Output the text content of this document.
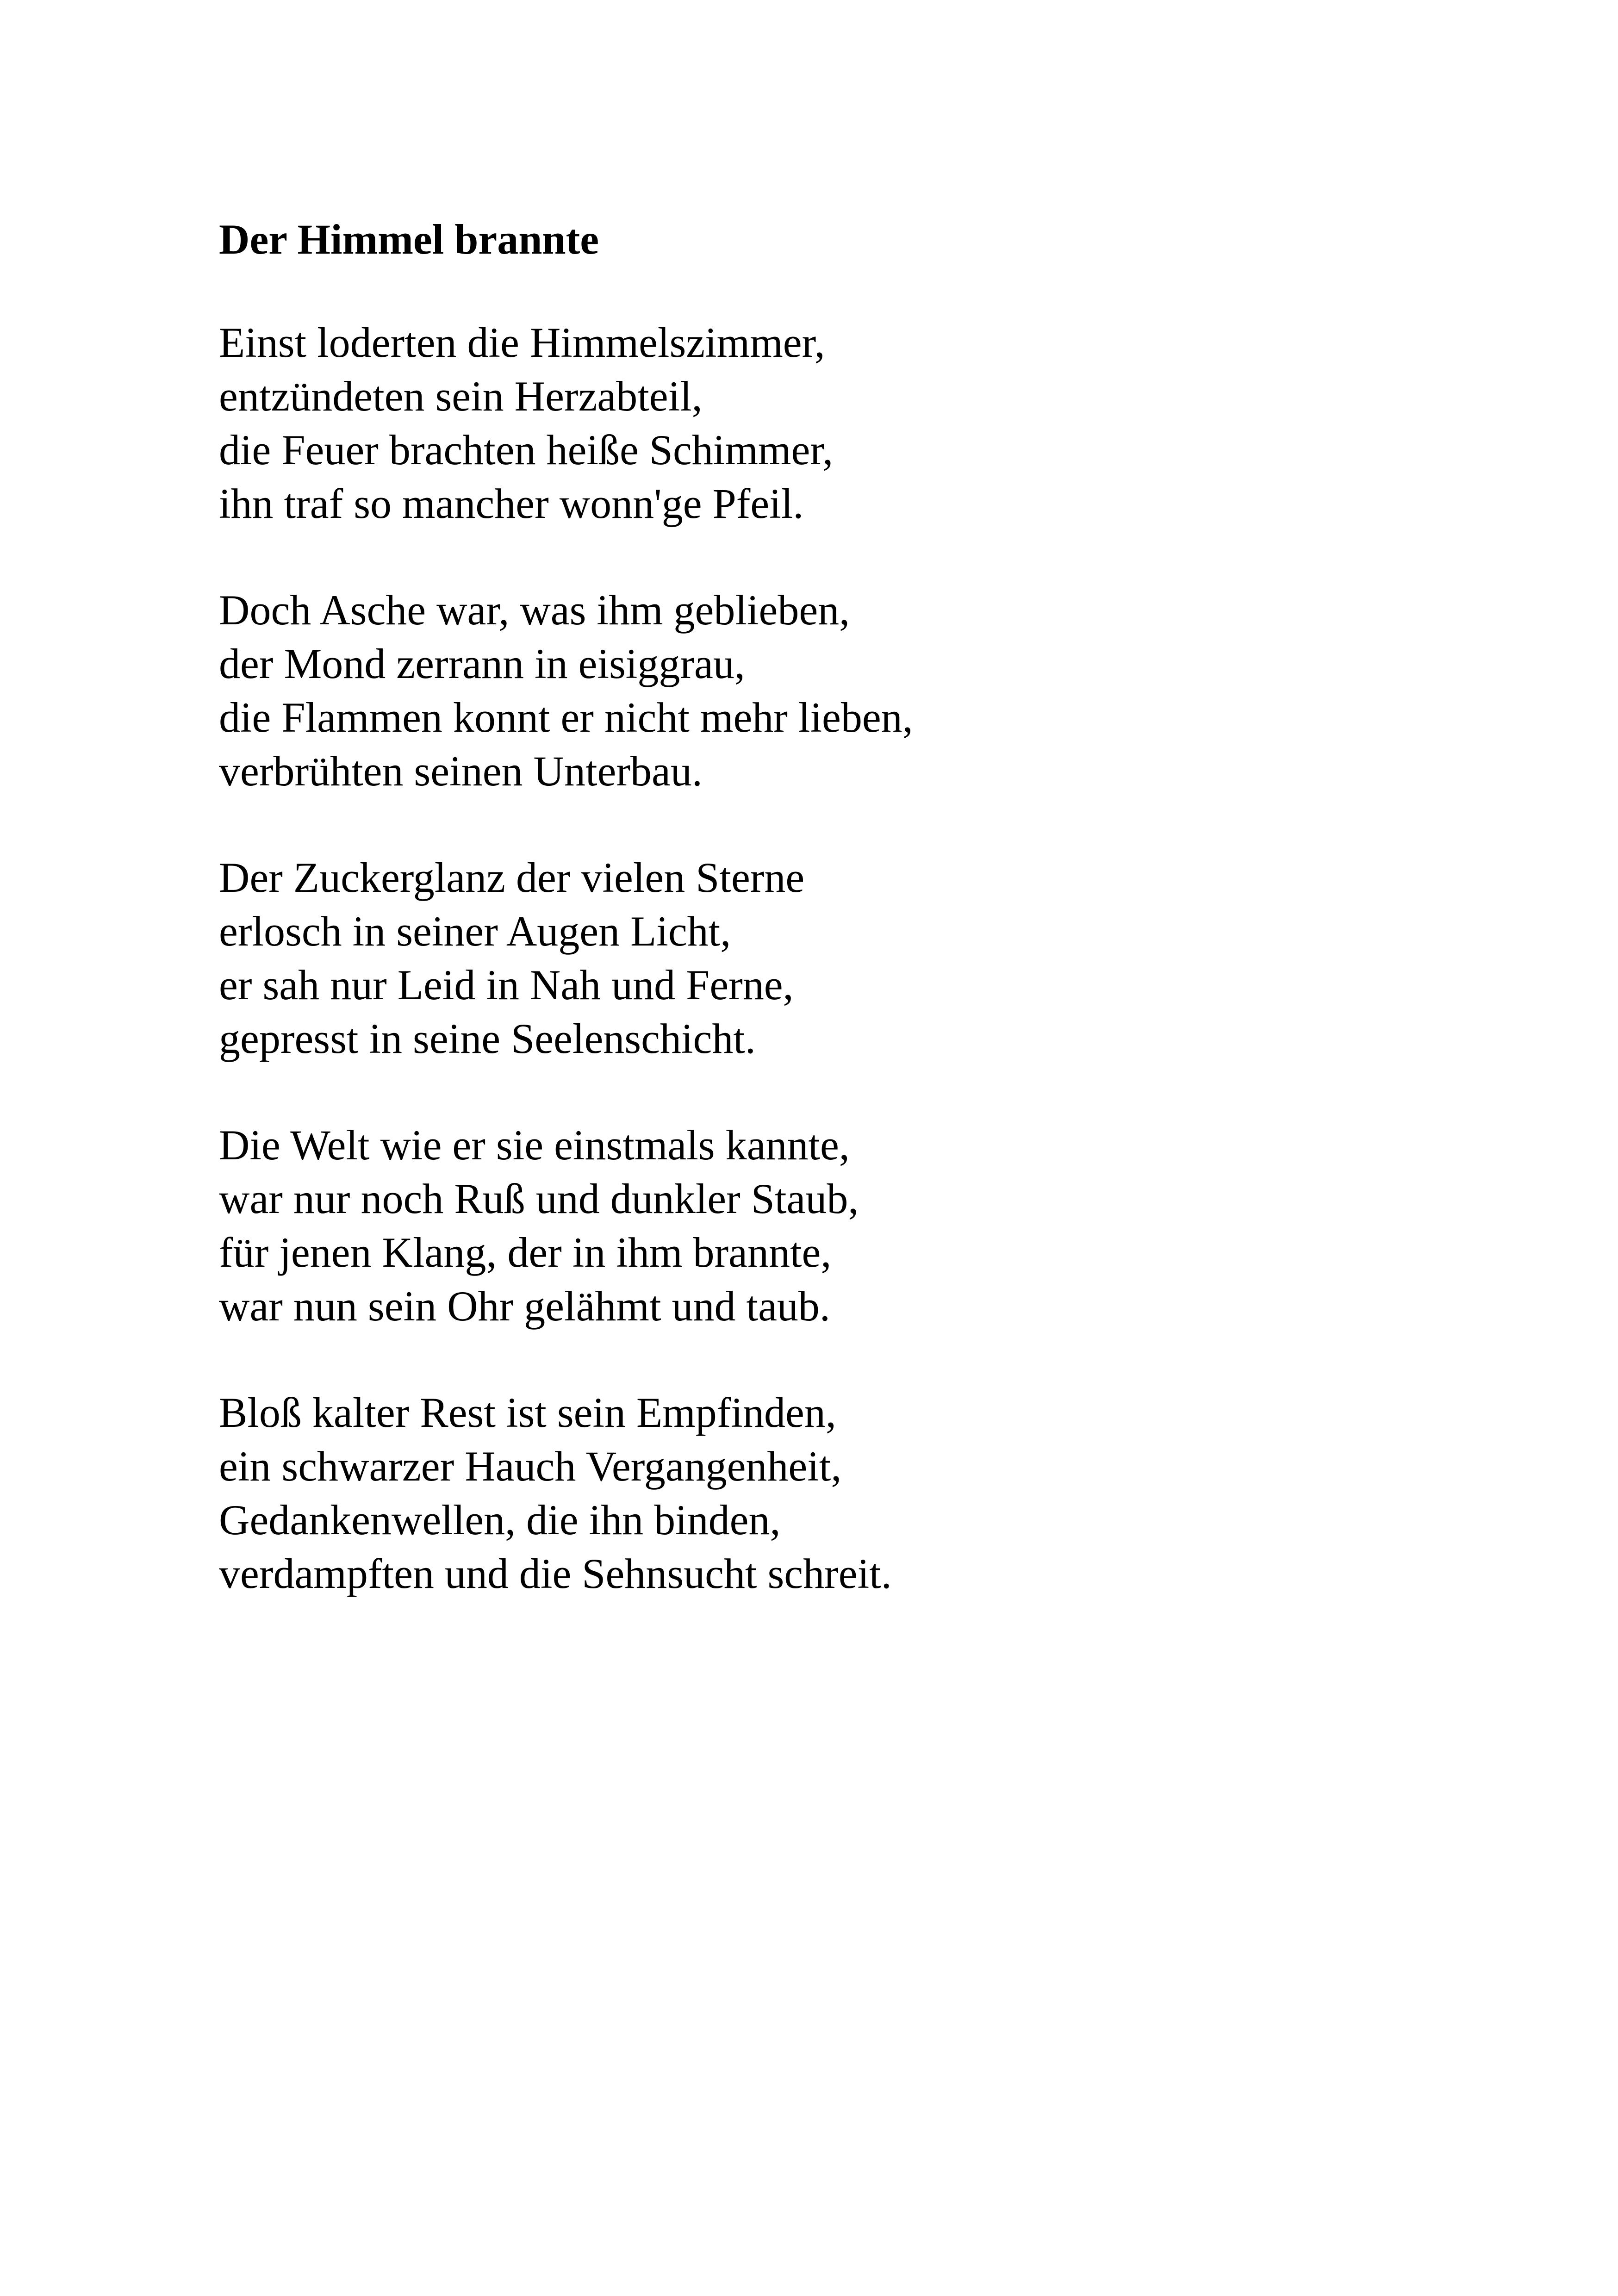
Der Himmel brannte

Einst loderten die Himmelszimmer,
entzündeten sein Herzabteil,
die Feuer brachten heiße Schimmer,
ihn traf so mancher wonn'ge Pfeil.

Doch Asche war, was ihm geblieben,
der Mond zerrann in eisiggrau,
die Flammen konnt er nicht mehr lieben,
verbrühten seinen Unterbau.

Der Zuckerglanz der vielen Sterne
erlosch in seiner Augen Licht,
er sah nur Leid in Nah und Ferne,
gepresst in seine Seelenschicht.

Die Welt wie er sie einstmals kannte,
war nur noch Ruß und dunkler Staub,
für jenen Klang, der in ihm brannte,
war nun sein Ohr gelähmt und taub.

Bloß kalter Rest ist sein Empfinden,
ein schwarzer Hauch Vergangenheit,
Gedankenwellen, die ihn binden,
verdampften und die Sehnsucht schreit.
